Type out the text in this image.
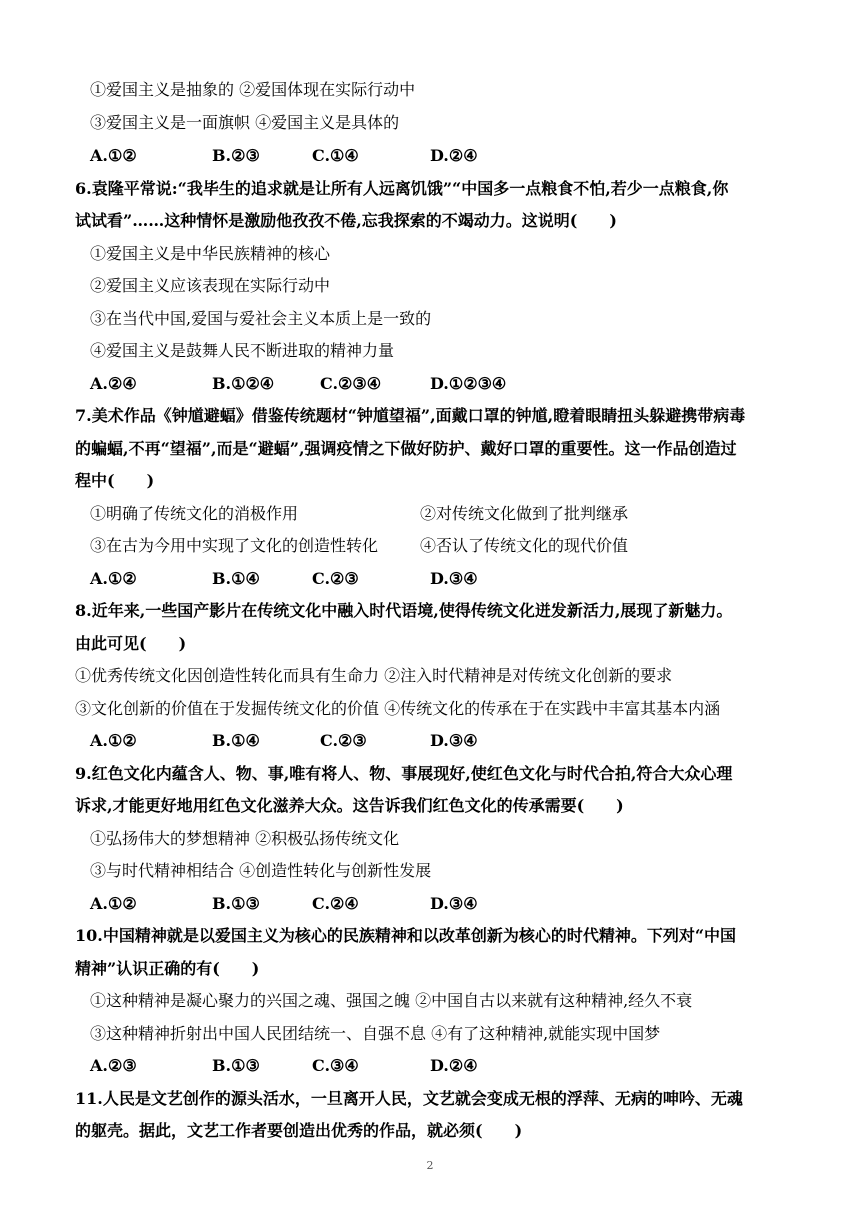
①爱国主义是抽象的 ②爱国体现在实际行动中
③爱国主义是一面旗帜 ④爱国主义是具体的
A.①②	B.②③	C.①④	D.②④
6.袁隆平常说:“我毕生的追求就是让所有人远离饥饿”“中国多一点粮食不怕,若少一点粮食,你
试试看”……这种情怀是激励他孜孜不倦,忘我探索的不竭动力。这说明(　　)
①爱国主义是中华民族精神的核心
②爱国主义应该表现在实际行动中
③在当代中国,爱国与爱社会主义本质上是一致的
④爱国主义是鼓舞人民不断进取的精神力量
A.②④	B.①②④	C.②③④	D.①②③④
7.美术作品《钟馗避蝠》借鉴传统题材“钟馗望福”,面戴口罩的钟馗,瞪着眼睛扭头躲避携带病毒
的蝙蝠,不再“望福”,而是“避蝠”,强调疫情之下做好防护、戴好口罩的重要性。这一作品创造过
程中(　　)
①明确了传统文化的消极作用	②对传统文化做到了批判继承
③在古为今用中实现了文化的创造性转化	④否认了传统文化的现代价值
A.①②	B.①④	C.②③	D.③④
8.近年来,一些国产影片在传统文化中融入时代语境,使得传统文化迸发新活力,展现了新魅力。
由此可见(　　)
①优秀传统文化因创造性转化而具有生命力 ②注入时代精神是对传统文化创新的要求
③文化创新的价值在于发掘传统文化的价值 ④传统文化的传承在于在实践中丰富其基本内涵
A.①②	B.①④	C.②③	D.③④
9.红色文化内蕴含人、物、事,唯有将人、物、事展现好,使红色文化与时代合拍,符合大众心理
诉求,才能更好地用红色文化滋养大众。这告诉我们红色文化的传承需要(　　)
①弘扬伟大的梦想精神 ②积极弘扬传统文化
③与时代精神相结合 ④创造性转化与创新性发展
A.①②	B.①③	C.②④	D.③④
10.中国精神就是以爱国主义为核心的民族精神和以改革创新为核心的时代精神。下列对“中国
精神”认识正确的有(　　)
①这种精神是凝心聚力的兴国之魂、强国之魄 ②中国自古以来就有这种精神,经久不衰
③这种精神折射出中国人民团结统一、自强不息 ④有了这种精神,就能实现中国梦
A.②③	B.①③	C.③④	D.②④
11.人民是文艺创作的源头活水，一旦离开人民，文艺就会变成无根的浮萍、无病的呻吟、无魂
的躯壳。据此，文艺工作者要创造出优秀的作品，就必须(　　)
2
